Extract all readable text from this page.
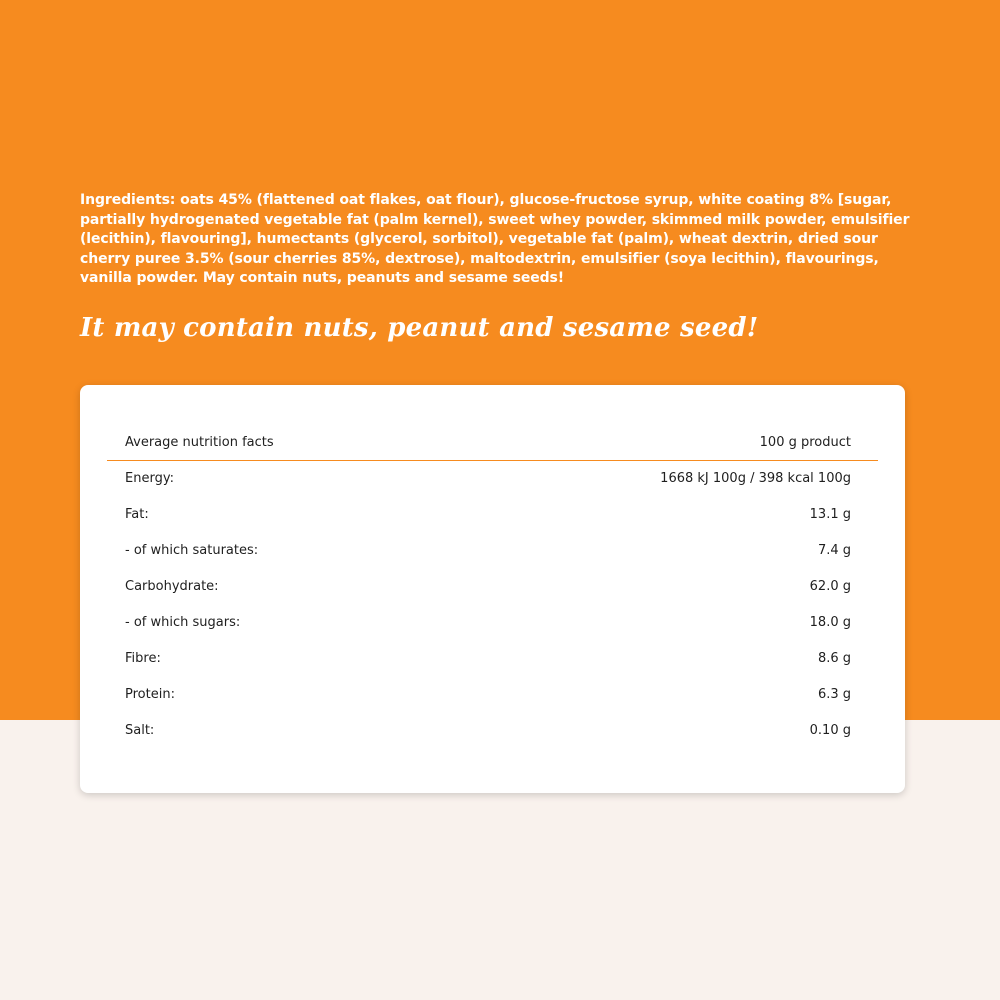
Ingredients: oats 45% (flattened oat flakes, oat flour), glucose-fructose syrup, white coating 8% [sugar, partially hydrogenated vegetable fat (palm kernel), sweet whey powder, skimmed milk powder, emulsifier (lecithin), flavouring], humectants (glycerol, sorbitol), vegetable fat (palm), wheat dextrin, dried sour cherry puree 3.5% (sour cherries 85%, dextrose), maltodextrin, emulsifier (soya lecithin), flavourings, vanilla powder. May contain nuts, peanuts and sesame seeds!

It may contain nuts, peanut and sesame seed!

Average nutrition facts	100 g product
Energy:	1668 kJ 100g / 398 kcal 100g
Fat:	13.1 g
- of which saturates:	7.4 g
Carbohydrate:	62.0 g
- of which sugars:	18.0 g
Fibre:	8.6 g
Protein:	6.3 g
Salt:	0.10 g
